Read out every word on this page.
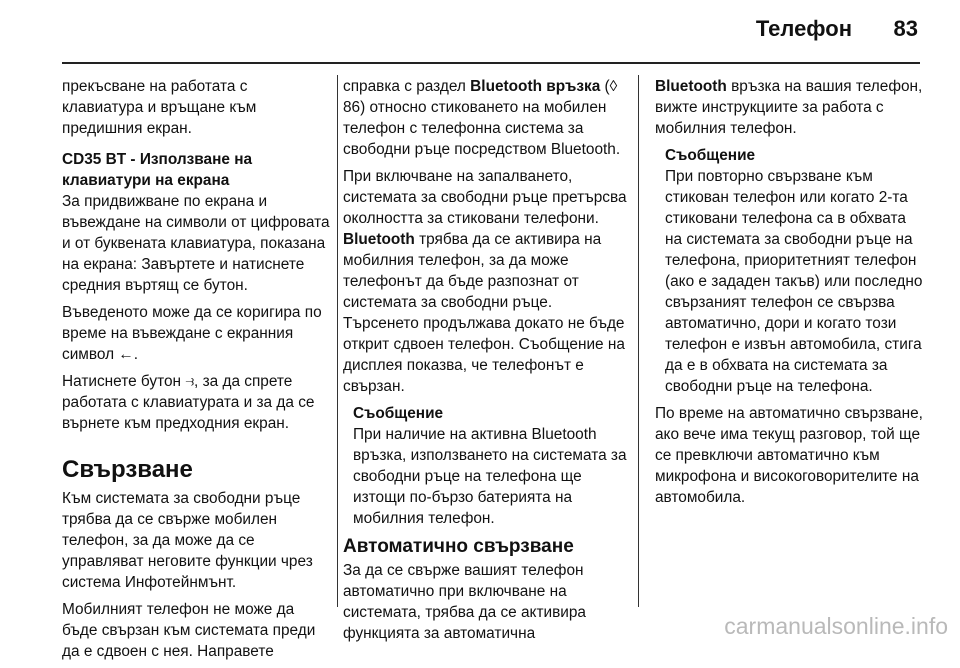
Телефон 83

прекъсване на работата с клавиатура и връщане към предишния екран.

CD35 BT - Използване на клавиатури на екрана

За придвижване по екрана и въвеждане на символи от цифровата и от буквената клавиатура, показана на екрана: Завъртете и натиснете средния въртящ се бутон.

Въведеното може да се коригира по време на въвеждане с екранния символ ←.

Натиснете бутон ⥽, за да спрете работата с клавиатурата и за да се върнете към предходния екран.

Свързване

Към системата за свободни ръце трябва да се свърже мобилен телефон, за да може да се управляват неговите функции чрез система Инфотейнмънт.

Мобилният телефон не може да бъде свързан към системата преди да е сдвоен с нея. Направете

справка с раздел Bluetooth връзка (◊ 86) относно стиковането на мобилен телефон с телефонна система за свободни ръце посредством Bluetooth.

При включване на запалването, системата за свободни ръце претърсва околността за стиковани телефони. Bluetooth трябва да се активира на мобилния телефон, за да може телефонът да бъде разпознат от системата за свободни ръце. Търсенето продължава докато не бъде открит сдвоен телефон. Съобщение на дисплея показва, че телефонът е свързан.

Съобщение
При наличие на активна Bluetooth връзка, използването на системата за свободни ръце на телефона ще изтощи по-бързо батерията на мобилния телефон.
Автоматично свързване

За да се свърже вашият телефон автоматично при включване на системата, трябва да се активира функцията за автоматична

Bluetooth връзка на вашия телефон, вижте инструкциите за работа с мобилния телефон.

Съобщение
При повторно свързване към стикован телефон или когато 2-та стиковани телефона са в обхвата на системата за свободни ръце на телефона, приоритетният телефон (ако е зададен такъв) или последно свързаният телефон се свързва автоматично, дори и когато този телефон е извън автомобила, стига да е в обхвата на системата за свободни ръце на телефона.

По време на автоматично свързване, ако вече има текущ разговор, той ще се превключи автоматично към микрофона и високоговорителите на автомобила.

carmanualsonline.info
